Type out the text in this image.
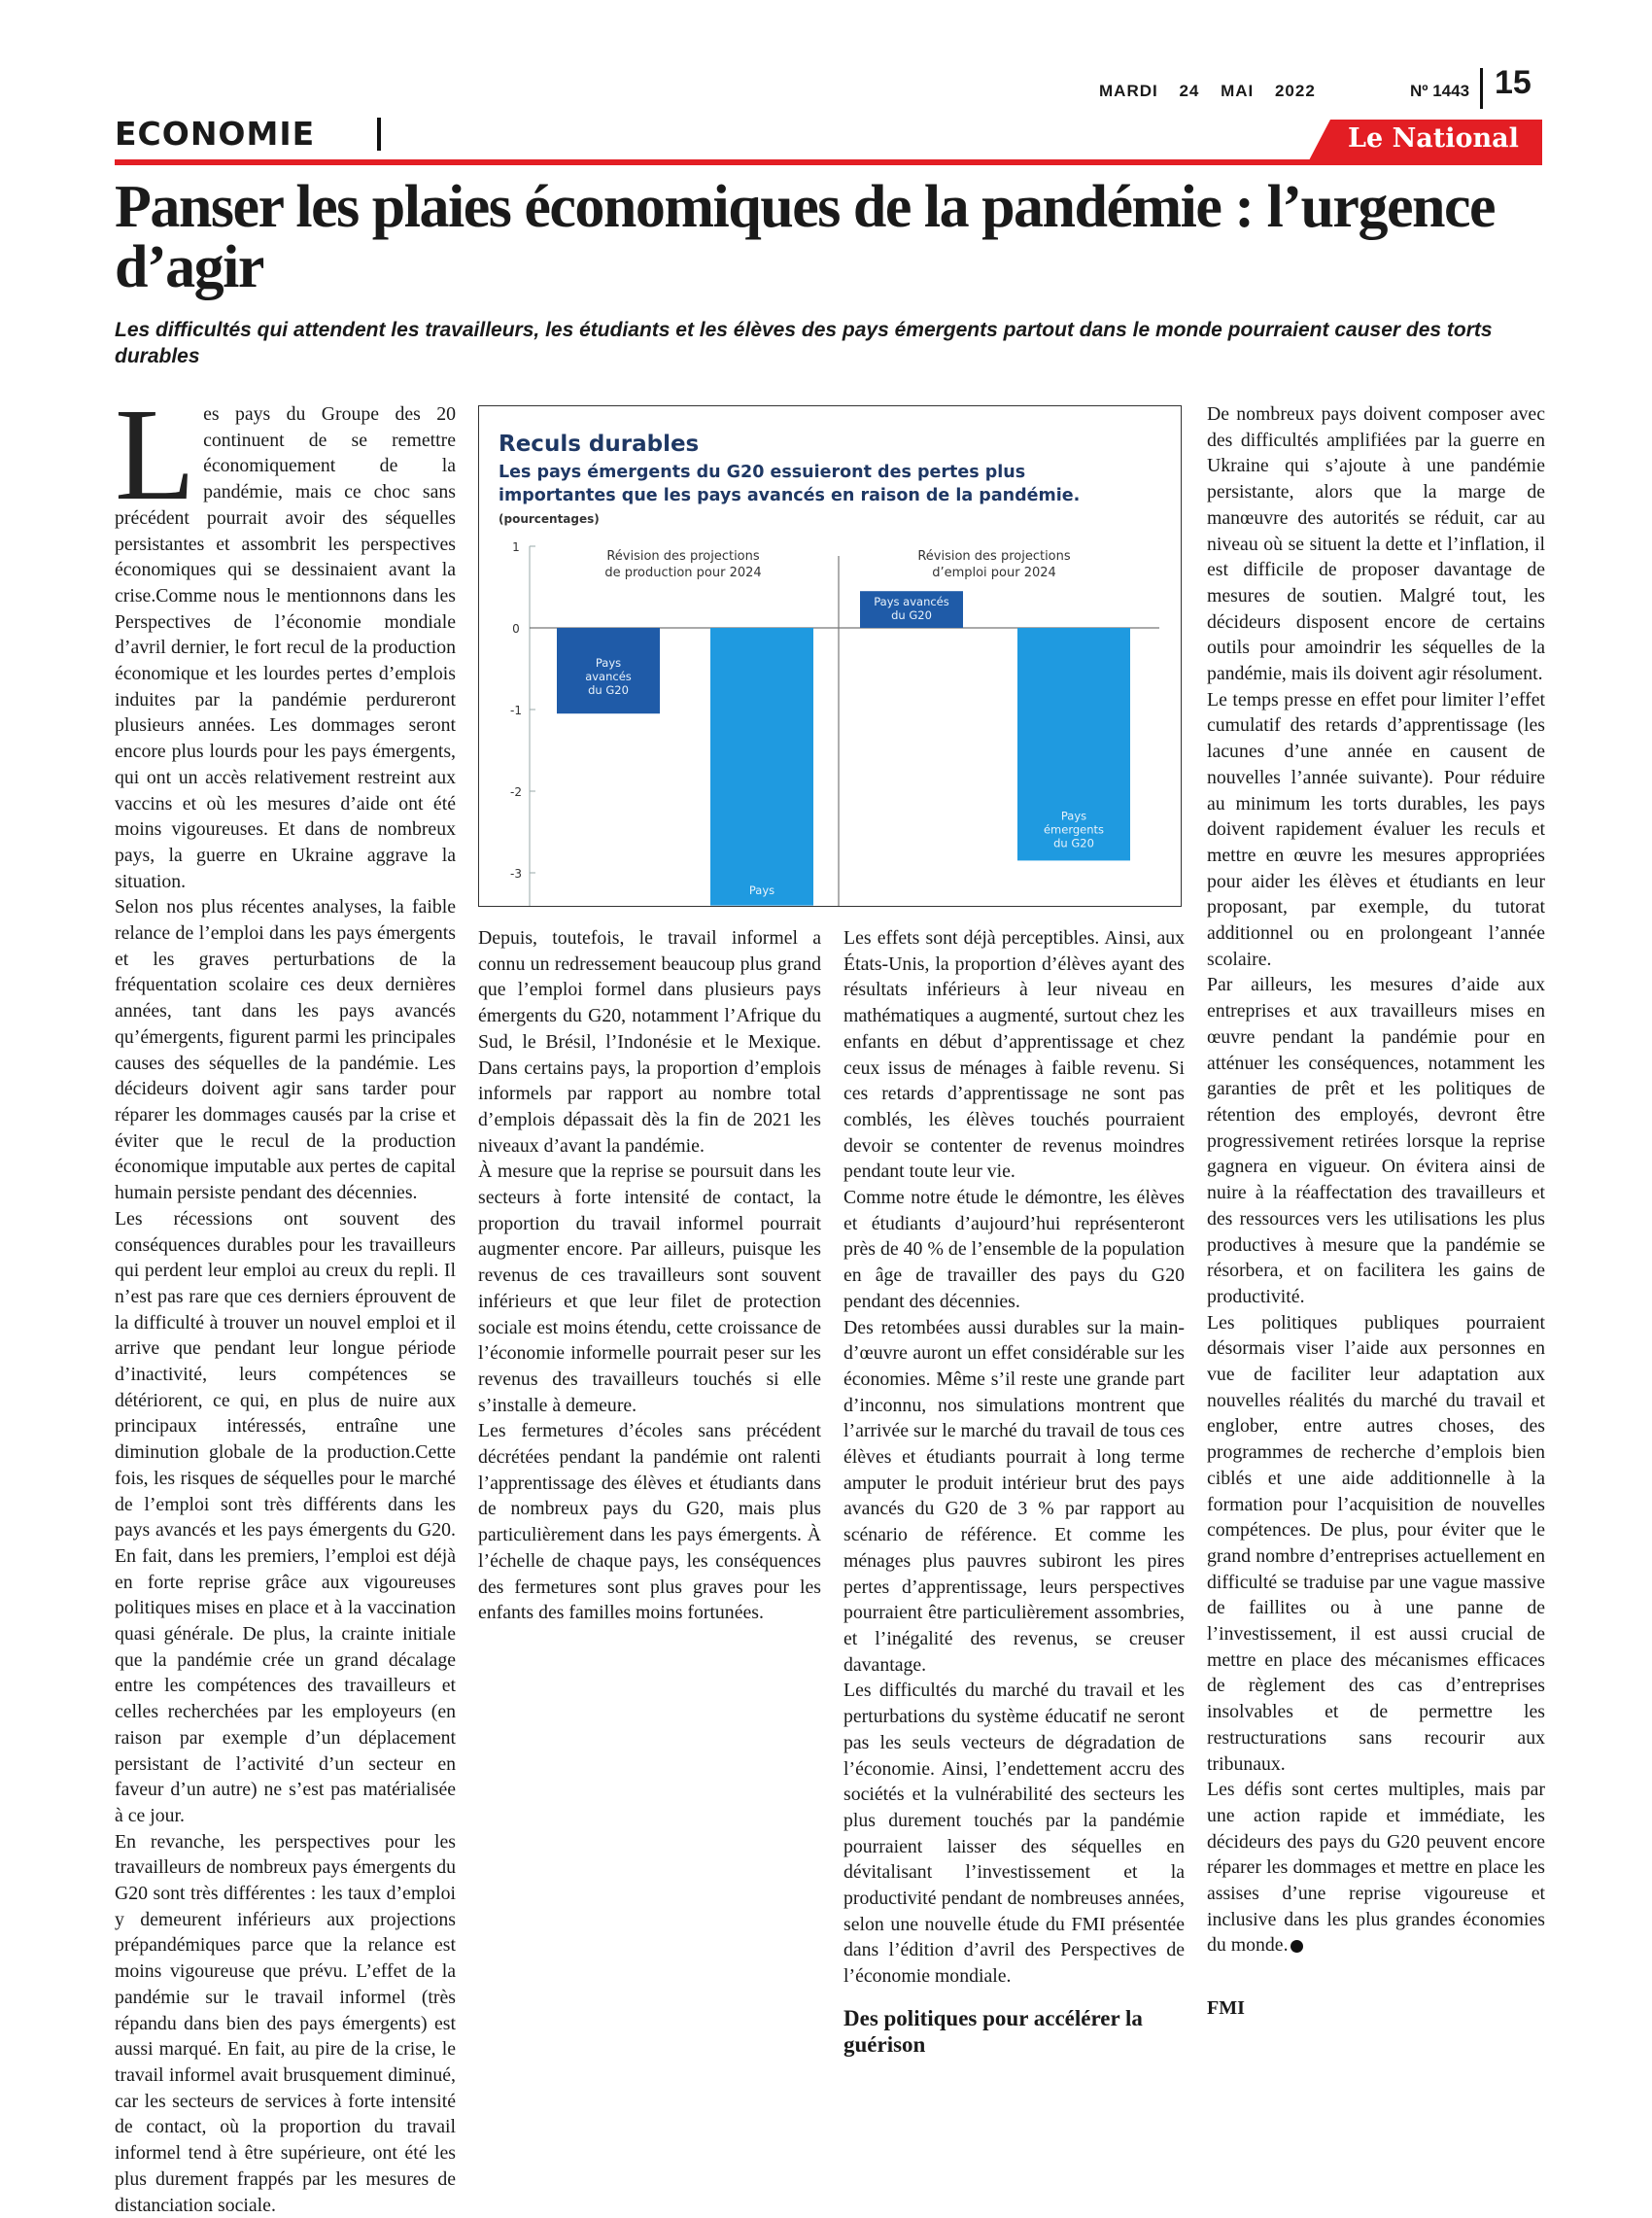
MARDI 24 MAI 2022	Nº 1443 15
ECONOMIE	Le National
Panser les plaies économiques de la pandémie : l’urgence d’agir
Les difficultés qui attendent les travailleurs, les étudiants et les élèves des pays émergents partout dans le monde pourraient causer des torts durables

Les pays du Groupe des 20 continuent de se remettre économiquement de la pandémie, mais ce choc sans précédent pourrait avoir des séquelles persistantes et assombrit les perspectives économiques qui se dessinaient avant la crise.Comme nous le mentionnons dans les Perspectives de l’économie mondiale d’avril dernier, le fort recul de la production économique et les lourdes pertes d’emplois induites par la pandémie perdureront plusieurs années. Les dommages seront encore plus lourds pour les pays émergents, qui ont un accès relativement restreint aux vaccins et où les mesures d’aide ont été moins vigoureuses. Et dans de nombreux pays, la guerre en Ukraine aggrave la situation.

Selon nos plus récentes analyses, la faible relance de l’emploi dans les pays émergents et les graves perturbations de la fréquentation scolaire ces deux dernières années, tant dans les pays avancés qu’émergents, figurent parmi les principales causes des séquelles de la pandémie. Les décideurs doivent agir sans tarder pour réparer les dommages causés par la crise et éviter que le recul de la production économique imputable aux pertes de capital humain persiste pendant des décennies.

Les récessions ont souvent des conséquences durables pour les travailleurs qui perdent leur emploi au creux du repli. Il n’est pas rare que ces derniers éprouvent de la difficulté à trouver un nouvel emploi et il arrive que pendant leur longue période d’inactivité, leurs compétences se détériorent, ce qui, en plus de nuire aux principaux intéressés, entraîne une diminution globale de la production.Cette fois, les risques de séquelles pour le marché de l’emploi sont très différents dans les pays avancés et les pays émergents du G20. En fait, dans les premiers, l’emploi est déjà en forte reprise grâce aux vigoureuses politiques mises en place et à la vaccination quasi générale. De plus, la crainte initiale que la pandémie crée un grand décalage entre les compétences des travailleurs et celles recherchées par les employeurs (en raison par exemple d’un déplacement persistant de l’activité d’un secteur en faveur d’un autre) ne s’est pas matérialisée à ce jour.

En revanche, les perspectives pour les travailleurs de nombreux pays émergents du G20 sont très différentes : les taux d’emploi y demeurent inférieurs aux projections prépandémiques parce que la relance est moins vigoureuse que prévu. L’effet de la pandémie sur le travail informel (très répandu dans bien des pays émergents) est aussi marqué. En fait, au pire de la crise, le travail informel avait brusquement diminué, car les secteurs de services à forte intensité de contact, où la proportion du travail informel tend à être supérieure, ont été les plus durement frappés par les mesures de distanciation sociale.

Reculs durables
Les pays émergents du G20 essuieront des pertes plus importantes que les pays avancés en raison de la pandémie.
(pourcentages)
1
0
-1
-2
-3
Révision des projections
de production pour 2024
Révision des projections
d’emploi pour 2024
Pays
avancés
du G20
Pays
Pays avancés
du G20
Pays
émergents
du G20

Depuis, toutefois, le travail informel a connu un redressement beaucoup plus grand que l’emploi formel dans plusieurs pays émergents du G20, notamment l’Afrique du Sud, le Brésil, l’Indonésie et le Mexique. Dans certains pays, la proportion d’emplois informels par rapport au nombre total d’emplois dépassait dès la fin de 2021 les niveaux d’avant la pandémie.

À mesure que la reprise se poursuit dans les secteurs à forte intensité de contact, la proportion du travail informel pourrait augmenter encore. Par ailleurs, puisque les revenus de ces travailleurs sont souvent inférieurs et que leur filet de protection sociale est moins étendu, cette croissance de l’économie informelle pourrait peser sur les revenus des travailleurs touchés si elle s’installe à demeure.

Les fermetures d’écoles sans précédent décrétées pendant la pandémie ont ralenti l’apprentissage des élèves et étudiants dans de nombreux pays du G20, mais plus particulièrement dans les pays émergents. À l’échelle de chaque pays, les conséquences des fermetures sont plus graves pour les enfants des familles moins fortunées.

Les effets sont déjà perceptibles. Ainsi, aux États-Unis, la proportion d’élèves ayant des résultats inférieurs à leur niveau en mathématiques a augmenté, surtout chez les enfants en début d’apprentissage et chez ceux issus de ménages à faible revenu. Si ces retards d’apprentissage ne sont pas comblés, les élèves touchés pourraient devoir se contenter de revenus moindres pendant toute leur vie.

Comme notre étude le démontre, les élèves et étudiants d’aujourd’hui représenteront près de 40 % de l’ensemble de la population en âge de travailler des pays du G20 pendant des décennies.

Des retombées aussi durables sur la main-d’œuvre auront un effet considérable sur les économies. Même s’il reste une grande part d’inconnu, nos simulations montrent que l’arrivée sur le marché du travail de tous ces élèves et étudiants pourrait à long terme amputer le produit intérieur brut des pays avancés du G20 de 3 % par rapport au scénario de référence. Et comme les ménages plus pauvres subiront les pires pertes d’apprentissage, leurs perspectives pourraient être particulièrement assombries, et l’inégalité des revenus, se creuser davantage.

Les difficultés du marché du travail et les perturbations du système éducatif ne seront pas les seuls vecteurs de dégradation de l’économie. Ainsi, l’endettement accru des sociétés et la vulnérabilité des secteurs les plus durement touchés par la pandémie pourraient laisser des séquelles en dévitalisant l’investissement et la productivité pendant de nombreuses années, selon une nouvelle étude du FMI présentée dans l’édition d’avril des Perspectives de l’économie mondiale.

Des politiques pour accélérer la guérison

De nombreux pays doivent composer avec des difficultés amplifiées par la guerre en Ukraine qui s’ajoute à une pandémie persistante, alors que la marge de manœuvre des autorités se réduit, car au niveau où se situent la dette et l’inflation, il est difficile de proposer davantage de mesures de soutien. Malgré tout, les décideurs disposent encore de certains outils pour amoindrir les séquelles de la pandémie, mais ils doivent agir résolument.

Le temps presse en effet pour limiter l’effet cumulatif des retards d’apprentissage (les lacunes d’une année en causent de nouvelles l’année suivante). Pour réduire au minimum les torts durables, les pays doivent rapidement évaluer les reculs et mettre en œuvre les mesures appropriées pour aider les élèves et étudiants en leur proposant, par exemple, du tutorat additionnel ou en prolongeant l’année scolaire.

Par ailleurs, les mesures d’aide aux entreprises et aux travailleurs mises en œuvre pendant la pandémie pour en atténuer les conséquences, notamment les garanties de prêt et les politiques de rétention des employés, devront être progressivement retirées lorsque la reprise gagnera en vigueur. On évitera ainsi de nuire à la réaffectation des travailleurs et des ressources vers les utilisations les plus productives à mesure que la pandémie se résorbera, et on facilitera les gains de productivité.

Les politiques publiques pourraient désormais viser l’aide aux personnes en vue de faciliter leur adaptation aux nouvelles réalités du marché du travail et englober, entre autres choses, des programmes de recherche d’emplois bien ciblés et une aide additionnelle à la formation pour l’acquisition de nouvelles compétences. De plus, pour éviter que le grand nombre d’entreprises actuellement en difficulté se traduise par une vague massive de faillites ou à une panne de l’investissement, il est aussi crucial de mettre en place des mécanismes efficaces de règlement des cas d’entreprises insolvables et de permettre les restructurations sans recourir aux tribunaux.

Les défis sont certes multiples, mais par une action rapide et immédiate, les décideurs des pays du G20 peuvent encore réparer les dommages et mettre en place les assises d’une reprise vigoureuse et inclusive dans les plus grandes économies du monde.

FMI
